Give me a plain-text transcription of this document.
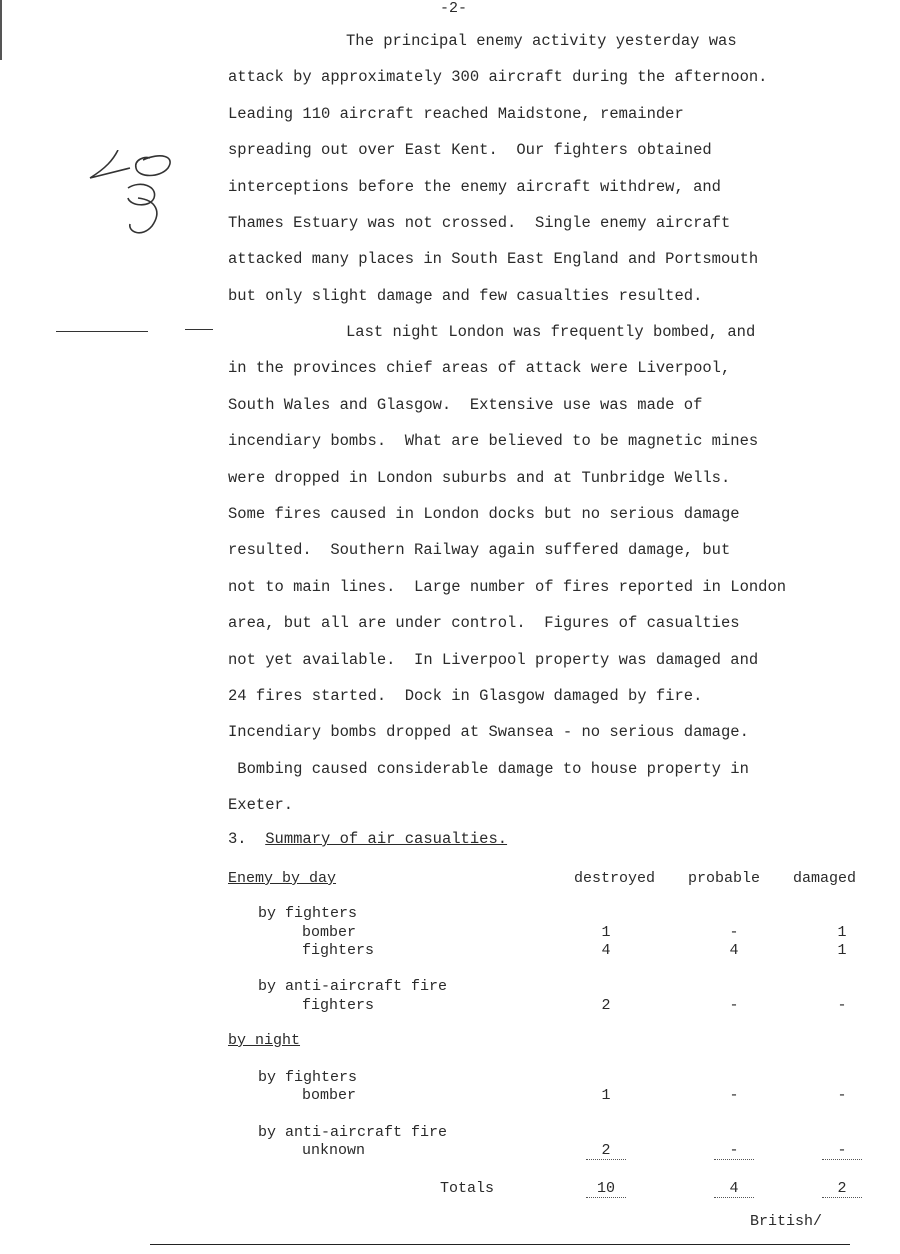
-2-
The principal enemy activity yesterday was
attack by approximately 300 aircraft during the afternoon.
Leading 110 aircraft reached Maidstone, remainder
spreading out over East Kent.  Our fighters obtained
interceptions before the enemy aircraft withdrew, and
Thames Estuary was not crossed.  Single enemy aircraft
attacked many places in South East England and Portsmouth
but only slight damage and few casualties resulted.
Last night London was frequently bombed, and
in the provinces chief areas of attack were Liverpool,
South Wales and Glasgow.  Extensive use was made of
incendiary bombs.  What are believed to be magnetic mines
were dropped in London suburbs and at Tunbridge Wells.
Some fires caused in London docks but no serious damage
resulted.  Southern Railway again suffered damage, but
not to main lines.  Large number of fires reported in London
area, but all are under control.  Figures of casualties
not yet available.  In Liverpool property was damaged and
24 fires started.  Dock in Glasgow damaged by fire.
Incendiary bombs dropped at Swansea - no serious damage.
Bombing caused considerable damage to house property in
Exeter.
3. Summary of air casualties.
Enemy by day	destroyed probable damaged
by fighters
bomber	1	-	1
fighters	4	4	1
by anti-aircraft fire
fighters	2	-	-
by night
by fighters
bomber	1	-	-
by anti-aircraft fire
unknown	2	-	-
Totals	10	4	2
British/
